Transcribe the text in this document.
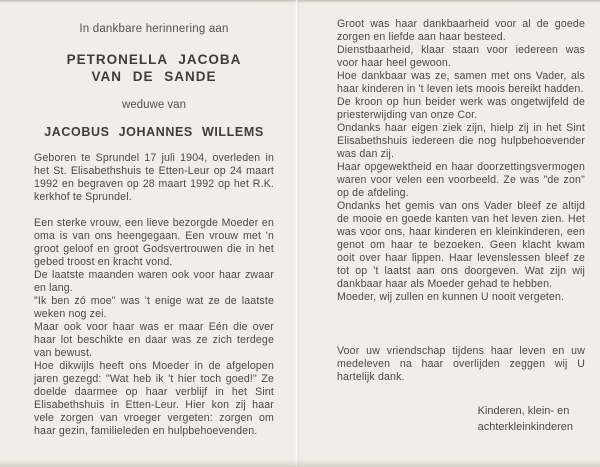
In dankbare herinnering aan
PETRONELLA JACOBA
VAN DE SANDE
weduwe van
JACOBUS JOHANNES WILLEMS

Geboren te Sprundel 17 juli 1904, overleden in het St. Elisabethshuis te Etten-Leur op 24 maart 1992 en begraven op 28 maart 1992 op het R.K. kerkhof te Sprundel.

Een sterke vrouw, een lieve bezorgde Moeder en oma is van ons heengegaan. Een vrouw met 'n groot geloof en groot Godsvertrouwen die in het gebed troost en kracht vond.

De laatste maanden waren ook voor haar zwaar en lang.

"Ik ben zó moe" was 't enige wat ze de laatste weken nog zei.

Maar ook voor haar was er maar Eén die over haar lot beschikte en daar was ze zich terdege van bewust.

Hoe dikwijls heeft ons Moeder in de afgelopen jaren gezegd: "Wat heb ik 't hier toch goed!" Ze doelde daarmee op haar verblijf in het Sint Elisabethshuis in Etten-Leur. Hier kon zij haar vele zorgen van vroeger vergeten: zorgen om haar gezin, familieleden en hulpbehoevenden.

Groot was haar dankbaarheid voor al de goede zorgen en liefde aan haar besteed.

Dienstbaarheid, klaar staan voor iedereen was voor haar heel gewoon.

Hoe dankbaar was ze, samen met ons Vader, als haar kinderen in 't leven iets moois bereikt hadden.

De kroon op hun beider werk was ongetwijfeld de priesterwijding van onze Cor.

Ondanks haar eigen ziek zijn, hielp zij in het Sint Elisabethshuis iedereen die nog hulpbehoevender was dan zij.

Haar opgewektheid en haar doorzettingsvermogen waren voor velen een voorbeeld. Ze was "de zon" op de afdeling.

Ondanks het gemis van ons Vader bleef ze altijd de mooie en goede kanten van het leven zien. Het was voor ons, haar kinderen en kleinkinderen, een genot om haar te bezoeken. Geen klacht kwam ooit over haar lippen. Haar levenslessen bleef ze tot op 't laatst aan ons doorgeven. Wat zijn wij dankbaar haar als Moeder gehad te hebben.

Moeder, wij zullen en kunnen U nooit vergeten.

Voor uw vriendschap tijdens haar leven en uw medeleven na haar overlijden zeggen wij U hartelijk dank.

Kinderen, klein- en
achterkleinkinderen
